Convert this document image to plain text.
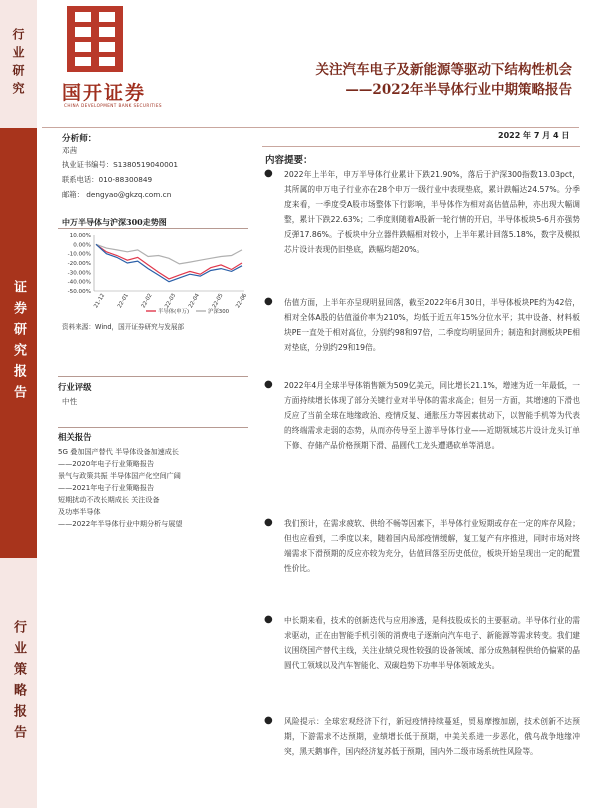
行业研究
证券研究报告
行业策略报告
国开证券
CHINA DEVELOPMENT BANK SECURITIES
关注汽车电子及新能源等驱动下结构性机会
——2022年半导体行业中期策略报告
分析师：
邓茜
执业证书编号：S1380519040001
联系电话：010-88300849
邮箱： dengyao@gkzq.com.cn
中万半导体与沪深300走势图
10.00%
0.00%
-10.00%
-20.00%
-30.00%
-40.00%
-50.00%
21-12 22-01 22-02 22-03 22-04 22-05 22-06
半导体(申万)	沪深300
资料来源：Wind，国开证券研究与发展部
行业评级
中性
相关报告
5G 叠加国产替代 半导体设备加速成长
——2020年电子行业策略报告
景气与政策共振 半导体国产化空间广阔
——2021年电子行业策略报告
短期扰动不改长期成长 关注设备
及功率半导体
——2022年半导体行业中期分析与展望
2022 年 7 月 4 日
内容提要：
● 2022年上半年，申万半导体行业累计下跌21.90%，落后于沪深300指数13.03pct，其所属的申万电子行业亦在28个申万一级行业中表现垫底，累计跌幅达24.57%。分季度来看，一季度受A股市场整体下行影响，半导体作为相对高估值品种，亦出现大幅调整，累计下跌22.63%；二季度则随着A股新一轮行情的开启，半导体板块5-6月亦强势反弹17.86%。子板块中分立器件跌幅相对较小，上半年累计回落5.18%，数字及模拟芯片设计表现仍旧垫底，跌幅均超20%。
● 估值方面，上半年亦呈现明显回落，截至2022年6月30日，半导体板块PE约为42倍，相对全体A股的估值溢价率为210%，均低于近五年15%分位水平；其中设备、材料板块PE一直处于相对高位，分别约98和97倍，二季度均明显回升；制造和封测板块PE相对垫底，分别约29和19倍。
● 2022年4月全球半导体销售额为509亿美元，同比增长21.1%，增速为近一年最低，一方面持续增长体现了部分关键行业对半导体的需求高企；但另一方面，其增速的下滑也反应了当前全球在地缘政治、疫情反复、通胀压力等因素扰动下，以智能手机等为代表的终端需求走弱的态势，从而亦传导至上游半导体行业——近期领域芯片设计龙头订单下修、存储产品价格预期下滑、晶圆代工龙头遭遇砍单等消息。
● 我们预计，在需求疲软、供给不畅等因素下，半导体行业短期或存在一定的库存风险；但也应看到，二季度以来，随着国内局部疫情缓解，复工复产有序推进，同时市场对终端需求下滑预期的反应亦较为充分，估值回落至历史低位，板块开始呈现出一定的配置性价比。
● 中长期来看，技术的创新迭代与应用渗透，是科技股成长的主要驱动。半导体行业的需求驱动，正在由智能手机引领的消费电子逐渐向汽车电子、新能源等需求转变。我们建议围绕国产替代主线，关注业绩兑现性较强的设备领域、部分成熟制程供给仍偏紧的晶圆代工领域以及汽车智能化、双碳趋势下功率半导体领域龙头。
● 风险提示：全球宏观经济下行，新冠疫情持续蔓延，贸易摩擦加剧，技术创新不达预期，下游需求不达预期，业绩增长低于预期，中美关系进一步恶化，俄乌战争地缘冲突，黑天鹅事件，国内经济复苏低于预期，国内外二级市场系统性风险等。
